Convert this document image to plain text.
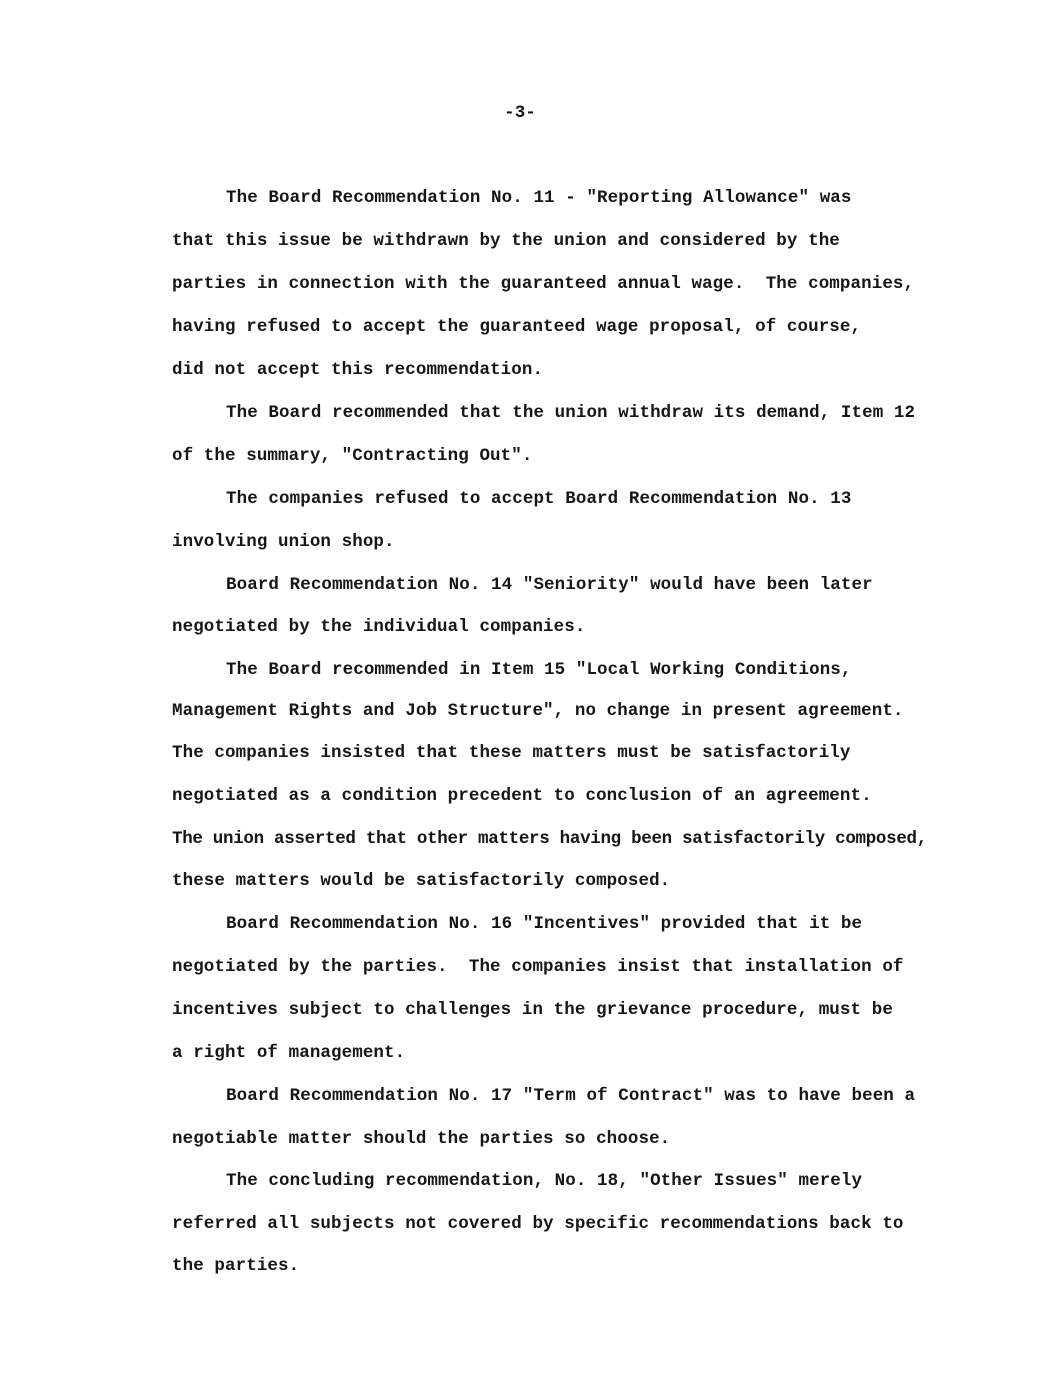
-3-
The Board Recommendation No. 11 - "Reporting Allowance" was
that this issue be withdrawn by the union and considered by the
parties in connection with the guaranteed annual wage.  The companies,
having refused to accept the guaranteed wage proposal, of course,
did not accept this recommendation.
The Board recommended that the union withdraw its demand, Item 12
of the summary, "Contracting Out".
The companies refused to accept Board Recommendation No. 13
involving union shop.
Board Recommendation No. 14 "Seniority" would have been later
negotiated by the individual companies.
The Board recommended in Item 15 "Local Working Conditions,
Management Rights and Job Structure", no change in present agreement.
The companies insisted that these matters must be satisfactorily
negotiated as a condition precedent to conclusion of an agreement.
The union asserted that other matters having been satisfactorily composed,
these matters would be satisfactorily composed.
Board Recommendation No. 16 "Incentives" provided that it be
negotiated by the parties.  The companies insist that installation of
incentives subject to challenges in the grievance procedure, must be
a right of management.
Board Recommendation No. 17 "Term of Contract" was to have been a
negotiable matter should the parties so choose.
The concluding recommendation, No. 18, "Other Issues" merely
referred all subjects not covered by specific recommendations back to
the parties.
